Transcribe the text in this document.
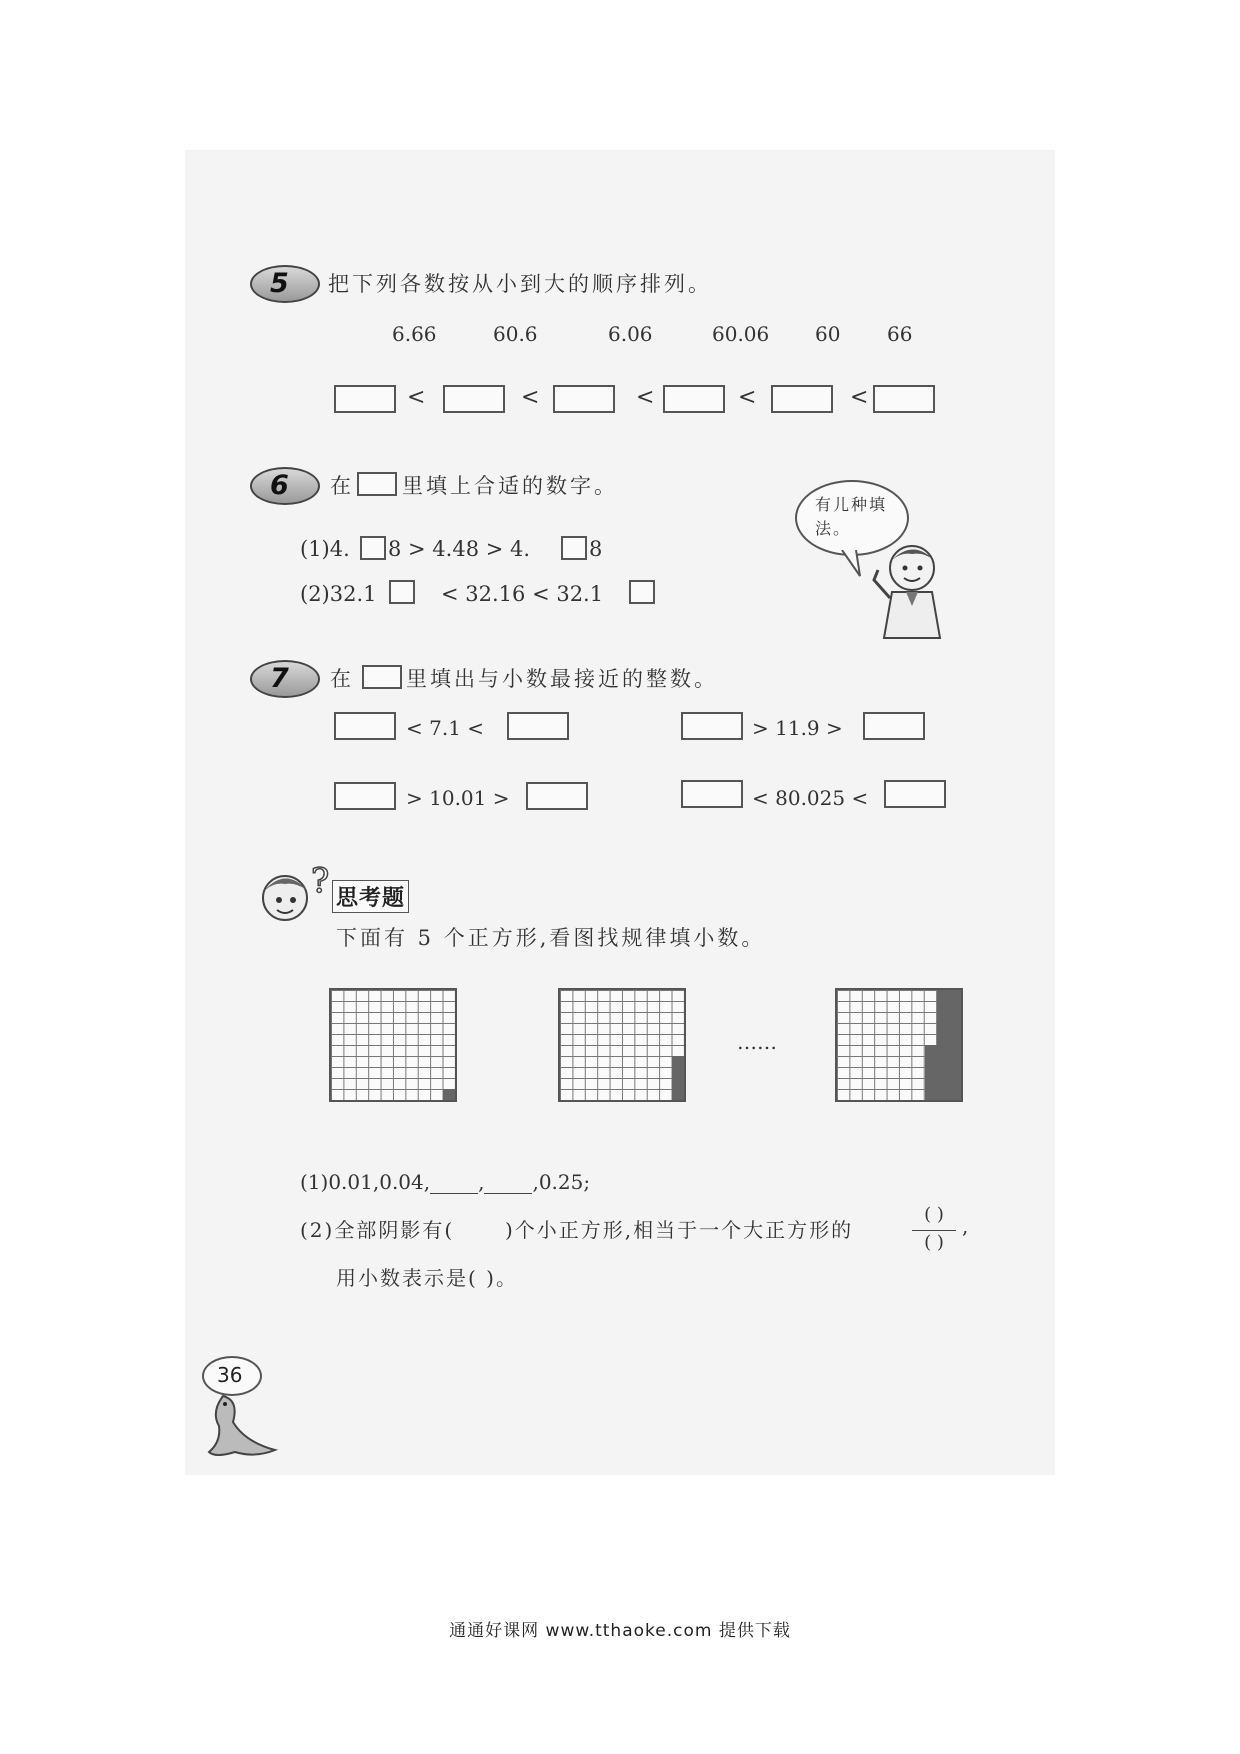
5 把下列各数按从小到大的顺序排列。
6.66	60.6	6.06	60.06 60 66
<	<	<	<	<
6 在 里填上合适的数字。
有儿种填
法。
(1)4. 8 > 4.48 > 4.	8
(2)32.1	< 32.16 < 32.1
7 在 里填出与小数最接近的整数。
< 7.1 <	> 11.9 >
> 10.01 >	< 80.025 <
? 思考题
下面有 5 个正方形,看图找规律填小数。
……
(1)0.01,0.04, , ,0.25;
(2)全部阴影有(	)个小正方形,相当于一个大正方形的
( )
( )
,
用小数表示是( )。
36
通通好课网 www.tthaoke.com 提供下载
